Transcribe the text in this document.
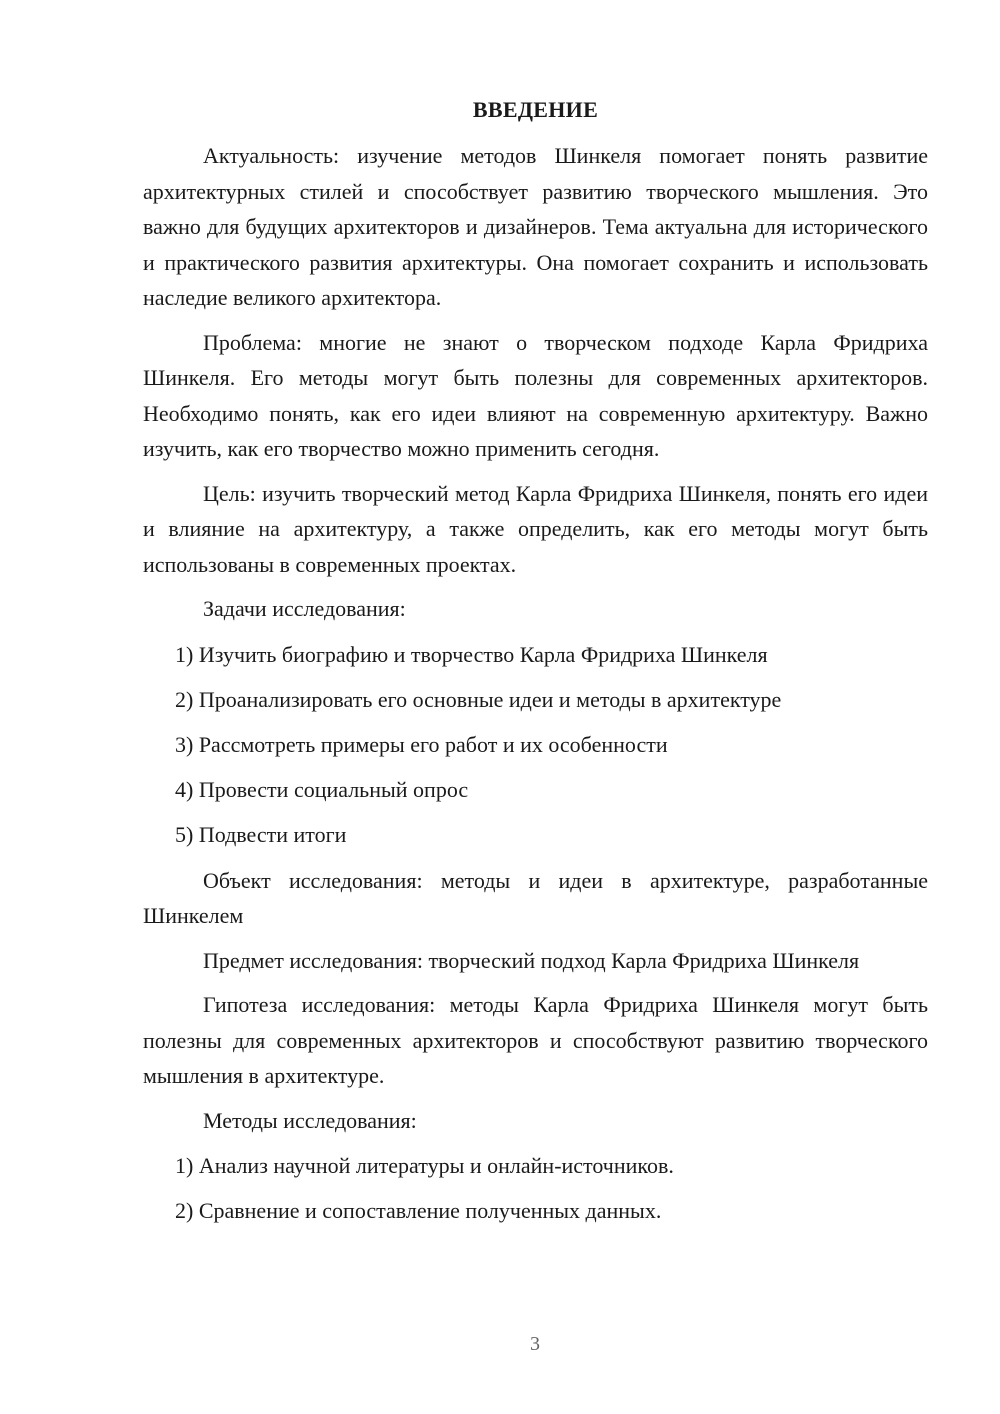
ВВЕДЕНИЕ

Актуальность: изучение методов Шинкеля помогает понять развитие архитектурных стилей и способствует развитию творческого мышления. Это важно для будущих архитекторов и дизайнеров. Тема актуальна для исторического и практического развития архитектуры. Она помогает сохранить и использовать наследие великого архитектора.

Проблема: многие не знают о творческом подходе Карла Фридриха Шинкеля. Его методы могут быть полезны для современных архитекторов. Необходимо понять, как его идеи влияют на современную архитектуру. Важно изучить, как его творчество можно применить сегодня.

Цель: изучить творческий метод Карла Фридриха Шинкеля, понять его идеи и влияние на архитектуру, а также определить, как его методы могут быть использованы в современных проектах.

Задачи исследования:
1) Изучить биографию и творчество Карла Фридриха Шинкеля
2) Проанализировать его основные идеи и методы в архитектуре
3) Рассмотреть примеры его работ и их особенности
4) Провести социальный опрос
5) Подвести итоги

Объект исследования: методы и идеи в архитектуре, разработанные Шинкелем

Предмет исследования: творческий подход Карла Фридриха Шинкеля

Гипотеза исследования: методы Карла Фридриха Шинкеля могут быть полезны для современных архитекторов и способствуют развитию творческого мышления в архитектуре.

Методы исследования:
1) Анализ научной литературы и онлайн-источников.
2) Сравнение и сопоставление полученных данных.
3
